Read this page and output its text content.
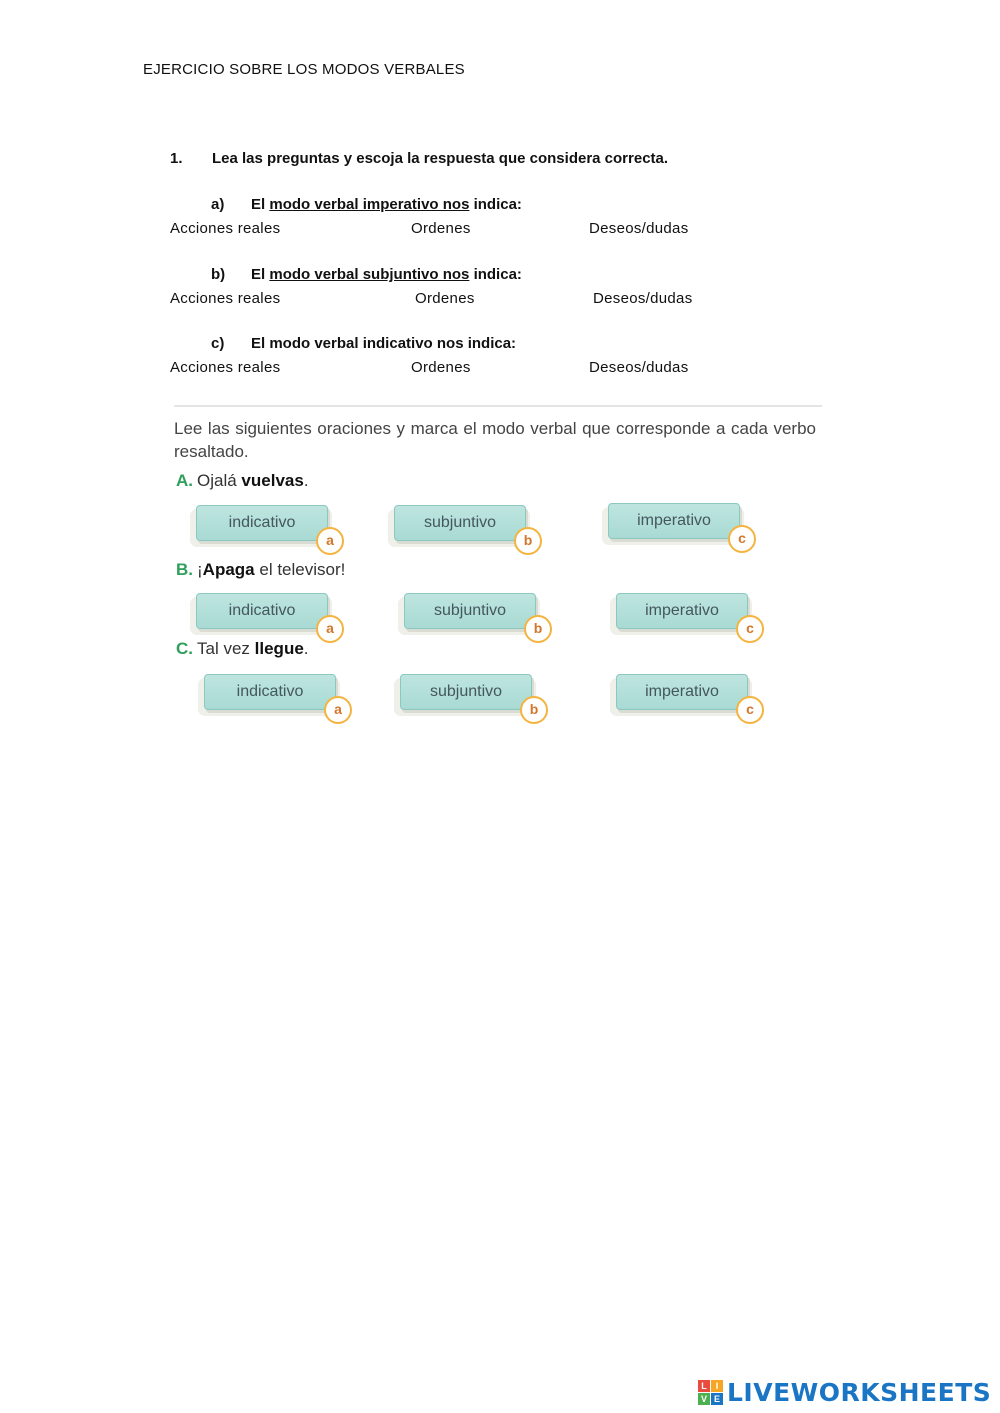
EJERCICIO SOBRE LOS MODOS VERBALES
1. Lea las preguntas y escoja la respuesta que considera correcta.
a) El modo verbal imperativo nos indica:
Acciones reales	Ordenes	Deseos/dudas
b) El modo verbal subjuntivo nos indica:
Acciones reales	Ordenes	Deseos/dudas
c) El modo verbal indicativo nos indica:
Acciones reales	Ordenes	Deseos/dudas
Lee las siguientes oraciones y marca el modo verbal que corresponde a cada verbo resaltado.
A. Ojalá vuelvas.
indicativo
a
subjuntivo
b
imperativo
c
B. ¡Apaga el televisor!
indicativo
a
subjuntivo
b
imperativo
c
C. Tal vez llegue.
indicativo
a
subjuntivo
b
imperativo
c
L I
V E LIVEWORKSHEETS
